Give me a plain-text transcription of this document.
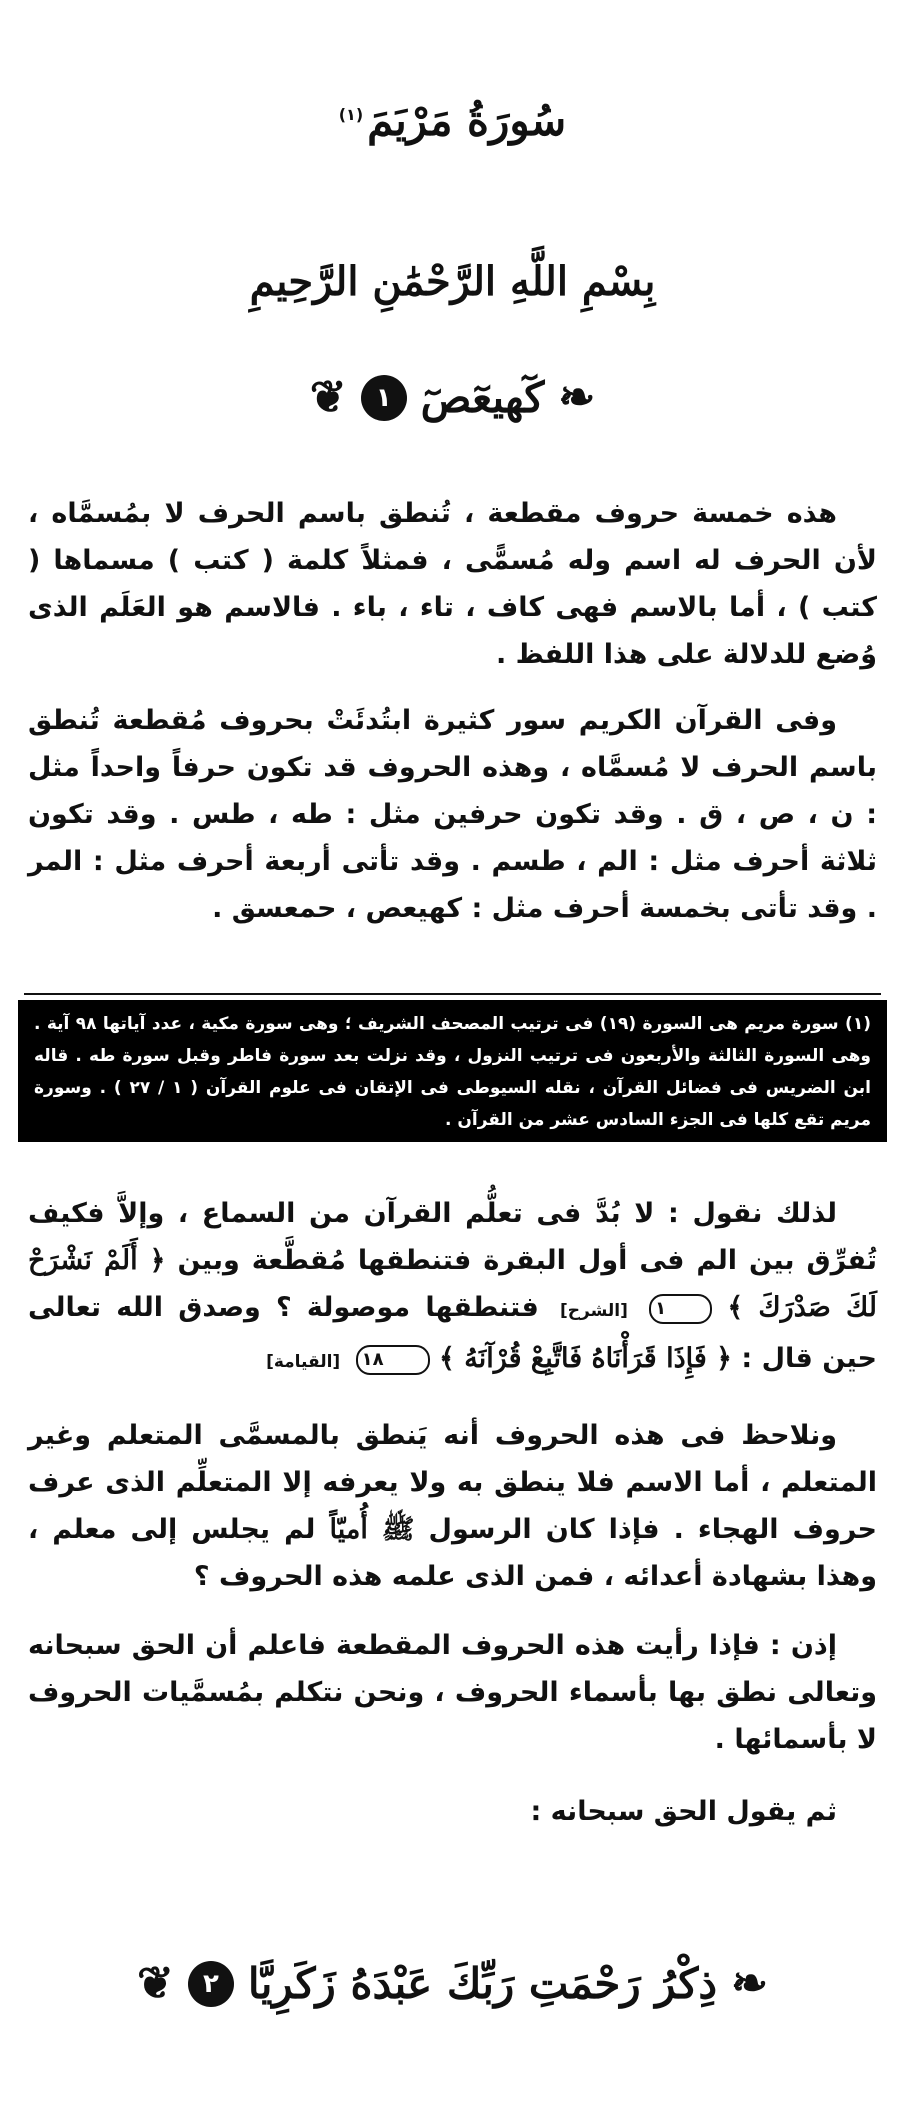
سُورَةُ مَرْيَمَ$^{(١)}$
بِسْمِ اللَّهِ الرَّحْمَٰنِ الرَّحِيمِ
❧
كٓهيعٓصٓ
١
❦
هذه خمسة حروف مقطعة ، تُنطق باسم الحرف لا بمُسمَّاه ، لأن الحرف له اسم وله مُسمًّى ، فمثلاً كلمة ( كتب ) مسماها ( كتب ) ، أما بالاسم فهى كاف ، تاء ، باء . فالاسم هو العَلَم الذى وُضع للدلالة على هذا اللفظ .
وفى القرآن الكريم سور كثيرة ابتُدئَتْ بحروف مُقطعة تُنطق باسم الحرف لا مُسمَّاه ، وهذه الحروف قد تكون حرفاً واحداً مثل : ن ، ص ، ق . وقد تكون حرفين مثل : طه ، طس . وقد تكون ثلاثة أحرف مثل : الم ، طسم . وقد تأتى أربعة أحرف مثل : المر . وقد تأتى بخمسة أحرف مثل : كهيعص ، حمعسق .
(١) سورة مريم هى السورة (١٩) فى ترتيب المصحف الشريف ؛ وهى سورة مكية ، عدد آياتها ٩٨ آية . وهى السورة الثالثة والأربعون فى ترتيب النزول ، وقد نزلت بعد سورة فاطر وقبل سورة طه . قاله ابن الضريس فى فضائل القرآن ، نقله السيوطى فى الإتقان فى علوم القرآن ( ١ / ٢٧ ) . وسورة مريم تقع كلها فى الجزء السادس عشر من القرآن .
لذلك نقول : لا بُدَّ فى تعلُّم القرآن من السماع ، وإلاَّ فكيف تُفرِّق بين الم فى أول البقرة فتنطقها مُقطَّعة وبين ﴿ أَلَمْ نَشْرَحْ لَكَ صَدْرَكَ ﴾ ١ [الشرح] فتنطقها موصولة ؟ وصدق الله تعالى حين قال : ﴿ فَإِذَا قَرَأْنَاهُ فَاتَّبِعْ قُرْآنَهُ ﴾ ١٨ [القيامة]
ونلاحظ فى هذه الحروف أنه يَنطق بالمسمَّى المتعلم وغير المتعلم ، أما الاسم فلا ينطق به ولا يعرفه إلا المتعلِّم الذى عرف حروف الهجاء . فإذا كان الرسول ﷺ أُميّاً لم يجلس إلى معلم ، وهذا بشهادة أعدائه ، فمن الذى علمه هذه الحروف ؟
إذن : فإذا رأيت هذه الحروف المقطعة فاعلم أن الحق سبحانه وتعالى نطق بها بأسماء الحروف ، ونحن نتكلم بمُسمَّيات الحروف لا بأسمائها .
ثم يقول الحق سبحانه :
❧
ذِكْرُ رَحْمَتِ رَبِّكَ عَبْدَهُ زَكَرِيَّا
٢
❦
